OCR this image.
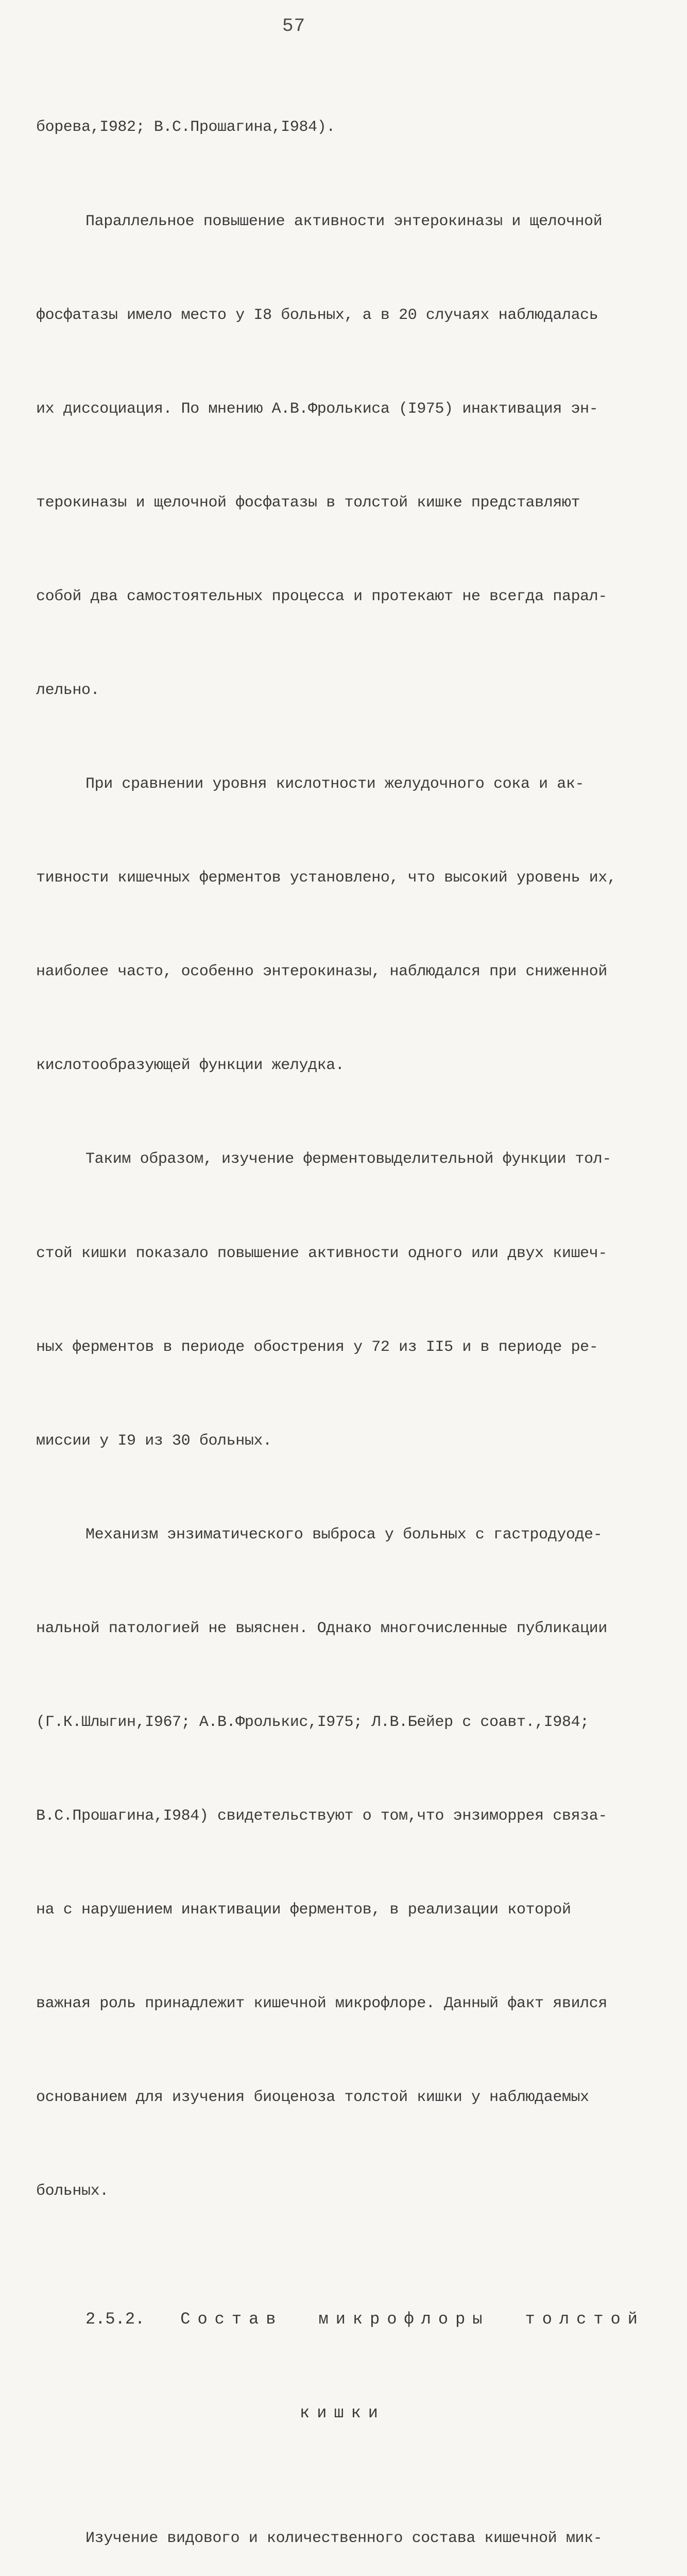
57

борева,I982; В.С.Прошагина,I984).

Параллельное повышение активности энтерокиназы и щелочной

фосфатазы имело место у I8 больных, а в 20 случаях наблюдалась

их диссоциация. По мнению А.В.Фролькиса (I975) инактивация эн-

терокиназы и щелочной фосфатазы в толстой кишке представляют

собой два самостоятельных процесса и протекают не всегда парал-

лельно.

При сравнении уровня кислотности желудочного сока и ак-

тивности кишечных ферментов установлено, что высокий уровень их,

наиболее часто, особенно энтерокиназы, наблюдался при сниженной

кислотообразующей функции желудка.

Таким образом, изучение ферментовыделительной функции тол-

стой кишки показало повышение активности одного или двух кишеч-

ных ферментов в периоде обострения у 72 из II5 и в периоде ре-

миссии у I9 из 30 больных.

Механизм энзиматического выброса у больных с гастродуоде-

нальной патологией не выяснен. Однако многочисленные публикации

(Г.К.Шлыгин,I967; А.В.Фролькис,I975; Л.В.Бейер с соавт.,I984;

В.С.Прошагина,I984) свидетельствуют о том,что энзиморрея связа-

на с нарушением инактивации ферментов, в реализации которой

важная роль принадлежит кишечной микрофлоре. Данный факт явился

основанием для изучения биоценоза толстой кишки у наблюдаемых

больных.

2.5.2. Состав микрофлоры толстой

кишки

Изучение видового и количественного состава кишечной мик-
